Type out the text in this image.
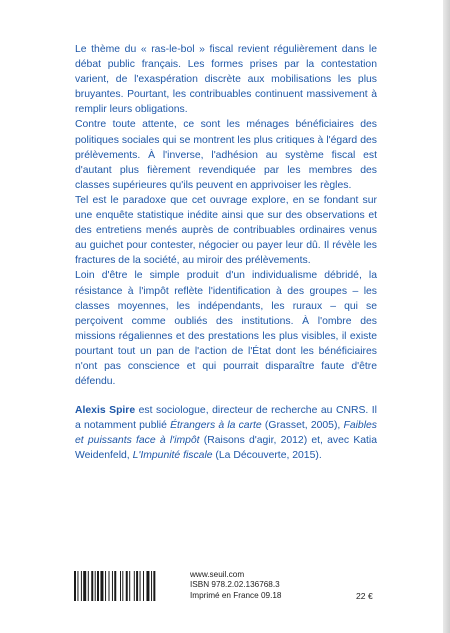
Le thème du « ras-le-bol » fiscal revient régulièrement dans le débat public français. Les formes prises par la contestation varient, de l'exaspération discrète aux mobilisations les plus bruyantes. Pourtant, les contribuables continuent massivement à remplir leurs obligations.

Contre toute attente, ce sont les ménages bénéficiaires des politiques sociales qui se montrent les plus critiques à l'égard des prélèvements. À l'inverse, l'adhésion au système fiscal est d'autant plus fièrement revendiquée par les membres des classes supérieures qu'ils peuvent en apprivoiser les règles.

Tel est le paradoxe que cet ouvrage explore, en se fondant sur une enquête statistique inédite ainsi que sur des observations et des entretiens menés auprès de contribuables ordinaires venus au guichet pour contester, négocier ou payer leur dû. Il révèle les fractures de la société, au miroir des prélèvements.

Loin d'être le simple produit d'un individualisme débridé, la résistance à l'impôt reflète l'identification à des groupes – les classes moyennes, les indépendants, les ruraux – qui se perçoivent comme oubliés des institutions. À l'ombre des missions régaliennes et des prestations les plus visibles, il existe pourtant tout un pan de l'action de l'État dont les bénéficiaires n'ont pas conscience et qui pourrait disparaître faute d'être défendu.

Alexis Spire est sociologue, directeur de recherche au CNRS. Il a notamment publié Étrangers à la carte (Grasset, 2005), Faibles et puissants face à l'impôt (Raisons d'agir, 2012) et, avec Katia Weidenfeld, L'Impunité fiscale (La Découverte, 2015).

www.seuil.com
ISBN 978.2.02.136768.3
Imprimé en France 09.18	22 €
